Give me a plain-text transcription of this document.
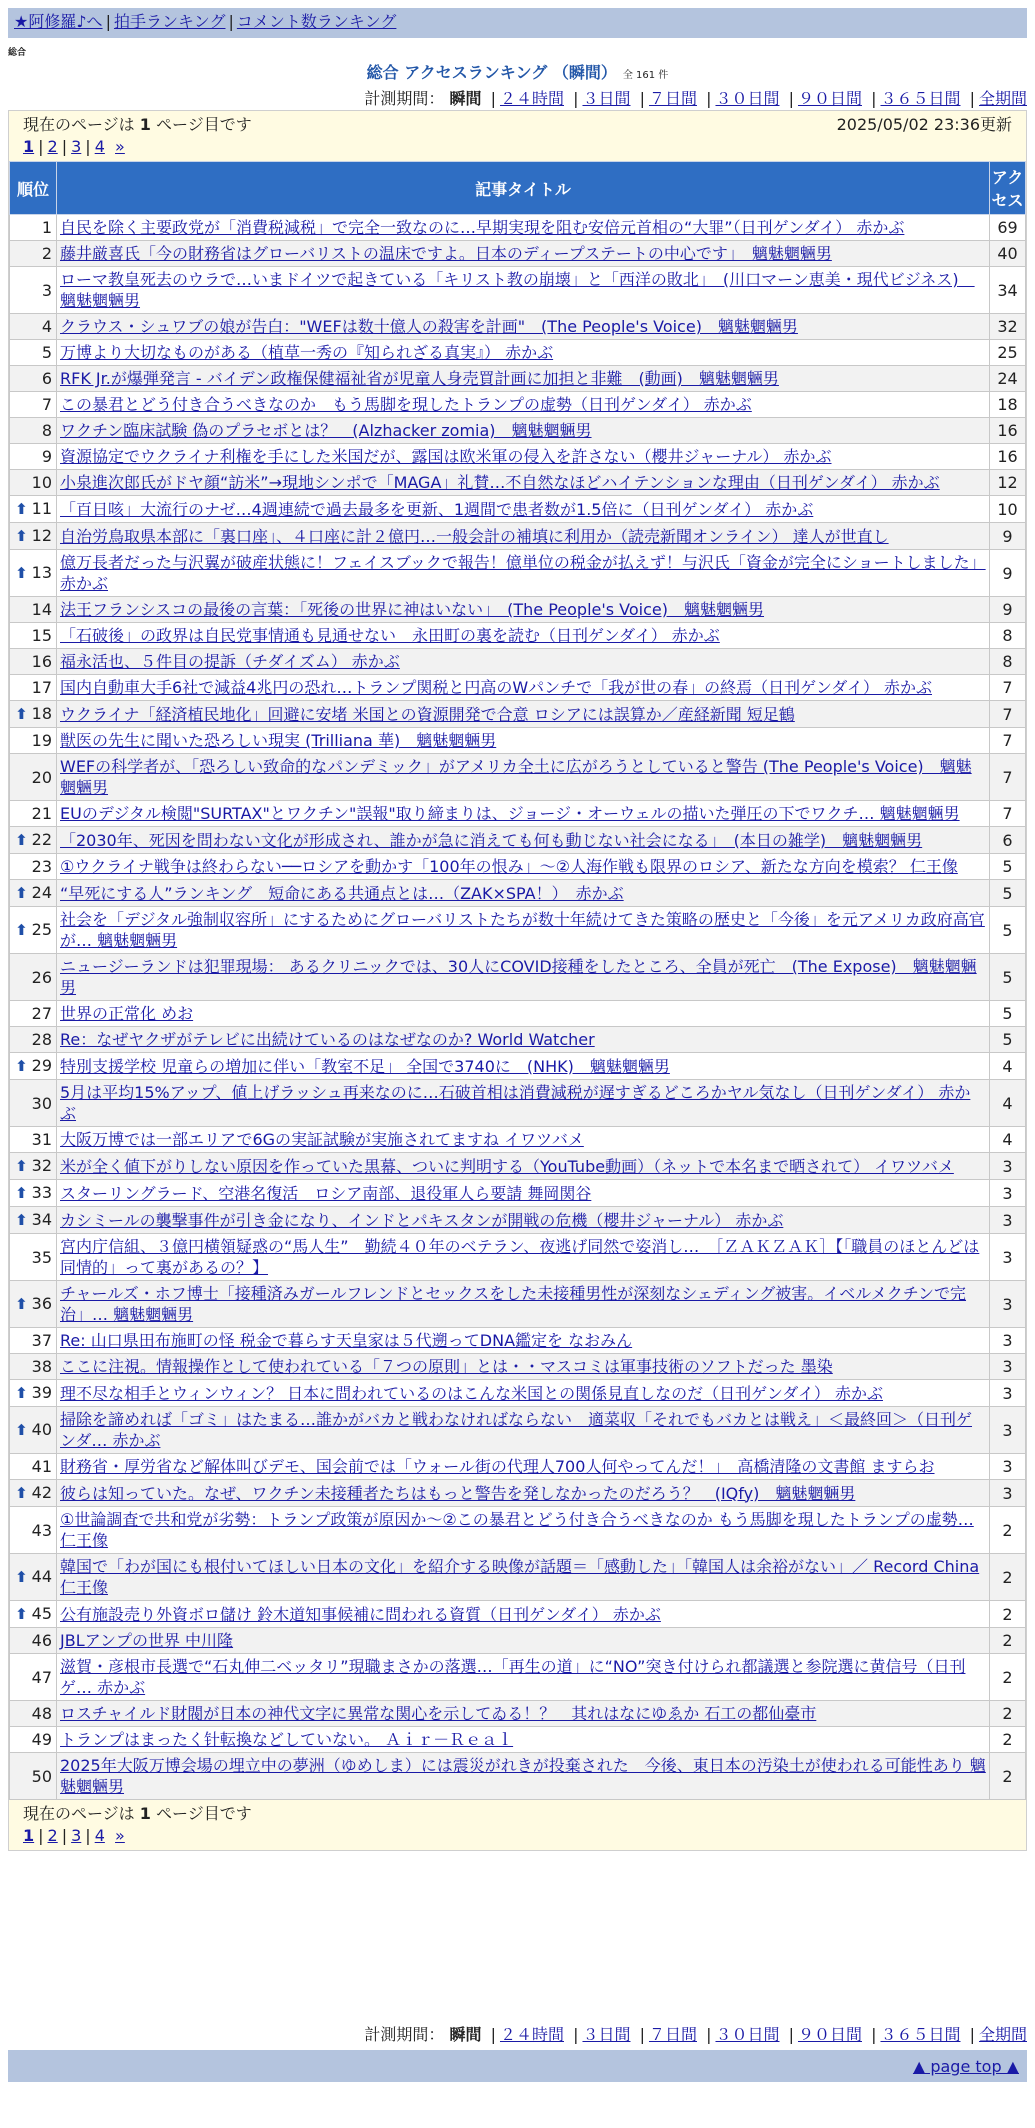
★阿修羅♪へ | 拍手ランキング | コメント数ランキング
総合
総合 アクセスランキング （瞬間） 全 161 件
計測期間： 瞬間 | ２４時間 | ３日間 | ７日間 | ３０日間 | ９０日間 | ３６５日間 | 全期間
現在のページは 1 ページ目です	2025/05/02 23:36更新
1 | 2 | 3 | 4 »
順位	記事タイトル	アクセス
1	自民を除く主要政党が「消費税減税」で完全一致なのに…早期実現を阻む安倍元首相の“大罪”（日刊ゲンダイ） 赤かぶ	69
2	藤井厳喜氏「今の財務省はグローバリストの温床ですよ。日本のディープステートの中心です」　魑魅魍魎男	40
3	ローマ教皇死去のウラで…いまドイツで起きている「キリスト教の崩壊」と「西洋の敗北」　(川口マーン恵美・現代ビジネス)　魑魅魍魎男	34
4	クラウス・シュワブの娘が告白："WEFは数十億人の殺害を計画"　(The People's Voice)　魑魅魍魎男	32
5	万博より大切なものがある（植草一秀の『知られざる真実』） 赤かぶ	25
6	RFK Jr.が爆弾発言 - バイデン政権保健福祉省が児童人身売買計画に加担と非難　(動画)　魑魅魍魎男	24
7	この暴君とどう付き合うべきなのか　もう馬脚を現したトランプの虚勢（日刊ゲンダイ） 赤かぶ	18
8	ワクチン臨床試験 偽のプラセボとは？　(Alzhacker zomia)　魑魅魍魎男	16
9	資源協定でウクライナ利権を手にした米国だが、露国は欧米軍の侵入を許さない（櫻井ジャーナル） 赤かぶ	16
10	小泉進次郎氏がドヤ顔“訪米”→現地シンポで「MAGA」礼賛…不自然なほどハイテンションな理由（日刊ゲンダイ） 赤かぶ	12
⬆ 11	「百日咳」大流行のナゼ…4週連続で過去最多を更新、1週間で患者数が1.5倍に（日刊ゲンダイ） 赤かぶ	10
⬆ 12	自治労鳥取県本部に「裏口座」、４口座に計２億円…一般会計の補填に利用か（読売新聞オンライン） 達人が世直し	9
⬆ 13	億万長者だった与沢翼が破産状態に！フェイスブックで報告！億単位の税金が払えず！与沢氏「資金が完全にショートしました」 赤かぶ	9
14	法王フランシスコの最後の言葉：「死後の世界に神はいない」　(The People's Voice)　魑魅魍魎男	9
15	「石破後」の政界は自民党事情通も見通せない　永田町の裏を読む（日刊ゲンダイ） 赤かぶ	8
16	福永活也、５件目の提訴（チダイズム） 赤かぶ	8
17	国内自動車大手6社で減益4兆円の恐れ…トランプ関税と円高のWパンチで「我が世の春」の終焉（日刊ゲンダイ） 赤かぶ	7
⬆ 18	ウクライナ「経済植民地化」回避に安堵 米国との資源開発で合意 ロシアには誤算か／産経新聞 短足鶴	7
19	獣医の先生に聞いた恐ろしい現実 (Trilliana 華)　魑魅魍魎男	7
20	WEFの科学者が、「恐ろしい致命的なパンデミック」がアメリカ全土に広がろうとしていると警告 (The People's Voice)　魑魅魍魎男	7
21	EUのデジタル検閲"SURTAX"とワクチン"誤報"取り締まりは、ジョージ・オーウェルの描いた弾圧の下でワクチ… 魑魅魍魎男	7
⬆ 22	「2030年、死因を問わない文化が形成され、誰かが急に消えても何も動じない社会になる」　(本日の雑学)　魑魅魍魎男	6
23	①ウクライナ戦争は終わらない──ロシアを動かす「100年の恨み」～②人海作戦も限界のロシア、新たな方向を模索？ 仁王像	5
⬆ 24	“早死にする人”ランキング　短命にある共通点とは…（ZAK×SPA！）　赤かぶ	5
⬆ 25	社会を「デジタル強制収容所」にするためにグローバリストたちが数十年続けてきた策略の歴史と「今後」を元アメリカ政府高官が… 魑魅魍魎男	5
26	ニュージーランドは犯罪現場： あるクリニックでは、30人にCOVID接種をしたところ、全員が死亡　(The Expose)　魑魅魍魎男	5
27	世界の正常化 めお	5
28	Re：なぜヤクザがテレビに出続けているのはなぜなのか? World Watcher	5
⬆ 29	特別支援学校 児童らの増加に伴い「教室不足」 全国で3740に　(NHK)　魑魅魍魎男	4
30	5月は平均15%アップ、値上げラッシュ再来なのに…石破首相は消費減税が遅すぎるどころかヤル気なし（日刊ゲンダイ） 赤かぶ	4
31	大阪万博では一部エリアで6Gの実証試験が実施されてますね イワツバメ	4
⬆ 32	米が全く値下がりしない原因を作っていた黒幕、ついに判明する（YouTube動画）（ネットで本名まで晒されて） イワツバメ	3
⬆ 33	スターリングラード、空港名復活　ロシア南部、退役軍人ら要請 舞岡関谷	3
⬆ 34	カシミールの襲撃事件が引き金になり、インドとパキスタンが開戦の危機（櫻井ジャーナル） 赤かぶ	3
35	宮内庁信組、３億円横領疑惑の“馬人生”　勤続４０年のベテラン、夜逃げ同然で姿消し…　［ＺＡＫＺＡＫ］【「職員のほとんどは同情的」って裏があるの？】	3
⬆ 36	チャールズ・ホフ博士「接種済みガールフレンドとセックスをした未接種男性が深刻なシェディング被害。イベルメクチンで完治」… 魑魅魍魎男	3
37	Re: 山口県田布施町の怪 税金で暮らす天皇家は５代遡ってDNA鑑定を なおみん	3
38	ここに注視。情報操作として使われている「７つの原則」とは・・マスコミは軍事技術のソフトだった 墨染	3
⬆ 39	理不尽な相手とウィンウィン？ 日本に問われているのはこんな米国との関係見直しなのだ（日刊ゲンダイ） 赤かぶ	3
⬆ 40	掃除を諦めれば「ゴミ」はたまる…誰かがバカと戦わなければならない　適菜収「それでもバカとは戦え」＜最終回＞（日刊ゲンダ… 赤かぶ	3
41	財務省・厚労省など解体叫びデモ、国会前では「ウォール街の代理人700人何やってんだ！」　高橋清隆の文書館 ますらお	3
⬆ 42	彼らは知っていた。なぜ、ワクチン未接種者たちはもっと警告を発しなかったのだろう？　(IQfy)　魑魅魍魎男	3
43	①世論調査で共和党が劣勢：トランプ政策が原因か～②この暴君とどう付き合うべきなのか もう馬脚を現したトランプの虚勢… 仁王像	2
⬆ 44	韓国で「わが国にも根付いてほしい日本の文化」を紹介する映像が話題＝「感動した」「韓国人は余裕がない」／ Record China 仁王像	2
⬆ 45	公有施設売り外資ボロ儲け 鈴木道知事候補に問われる資質（日刊ゲンダイ） 赤かぶ	2
46	JBLアンプの世界 中川隆	2
47	滋賀・彦根市長選で“石丸伸二ベッタリ”現職まさかの落選…「再生の道」に“NO”突き付けられ都議選と参院選に黄信号（日刊ゲ… 赤かぶ	2
48	ロスチャイルド財閥が日本の神代文字に異常な関心を示してゐる！？　其れはなにゆゑか 石工の都仙臺市	2
49	トランプはまったく针転換などしていない。 Ａｉｒ－Ｒｅａｌ	2
50	2025年大阪万博会場の埋立中の夢洲（ゆめしま）には震災がれきが投棄された　今後、東日本の汚染土が使われる可能性あり 魑魅魍魎男	2
現在のページは 1 ページ目です
1 | 2 | 3 | 4 »
計測期間： 瞬間 | ２４時間 | ３日間 | ７日間 | ３０日間 | ９０日間 | ３６５日間 | 全期間
▲ page top ▲
